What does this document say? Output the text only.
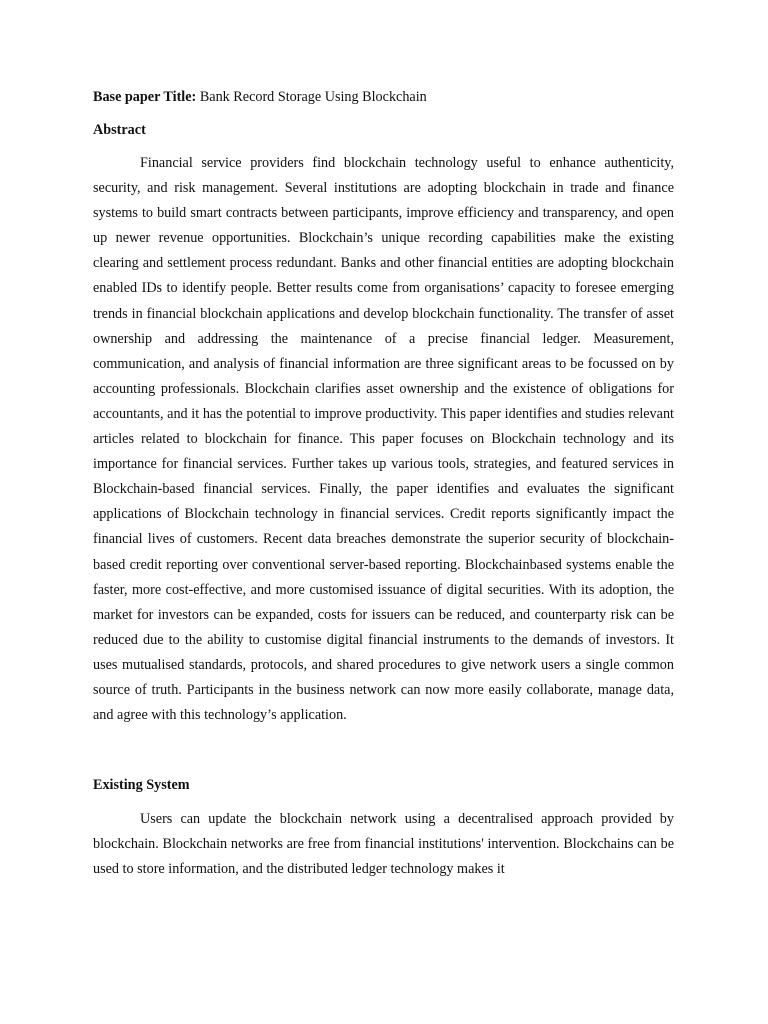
Base paper Title: Bank Record Storage Using Blockchain

Abstract

Financial service providers find blockchain technology useful to enhance authenticity, security, and risk management. Several institutions are adopting blockchain in trade and finance systems to build smart contracts between participants, improve efficiency and transparency, and open up newer revenue opportunities. Blockchain’s unique recording capabilities make the existing clearing and settlement process redundant. Banks and other financial entities are adopting blockchain enabled IDs to identify people. Better results come from organisations’ capacity to foresee emerging trends in financial blockchain applications and develop blockchain functionality. The transfer of asset ownership and addressing the maintenance of a precise financial ledger. Measurement, communication, and analysis of financial information are three significant areas to be focussed on by accounting professionals. Blockchain clarifies asset ownership and the existence of obligations for accountants, and it has the potential to improve productivity. This paper identifies and studies relevant articles related to blockchain for finance. This paper focuses on Blockchain technology and its importance for financial services. Further takes up various tools, strategies, and featured services in Blockchain-based financial services. Finally, the paper identifies and evaluates the significant applications of Blockchain technology in financial services. Credit reports significantly impact the financial lives of customers. Recent data breaches demonstrate the superior security of blockchain-based credit reporting over conventional server-based reporting. Blockchainbased systems enable the faster, more cost-effective, and more customised issuance of digital securities. With its adoption, the market for investors can be expanded, costs for issuers can be reduced, and counterparty risk can be reduced due to the ability to customise digital financial instruments to the demands of investors. It uses mutualised standards, protocols, and shared procedures to give network users a single common source of truth. Participants in the business network can now more easily collaborate, manage data, and agree with this technology’s application.

Existing System

Users can update the blockchain network using a decentralised approach provided by blockchain. Blockchain networks are free from financial institutions' intervention. Blockchains can be used to store information, and the distributed ledger technology makes it
